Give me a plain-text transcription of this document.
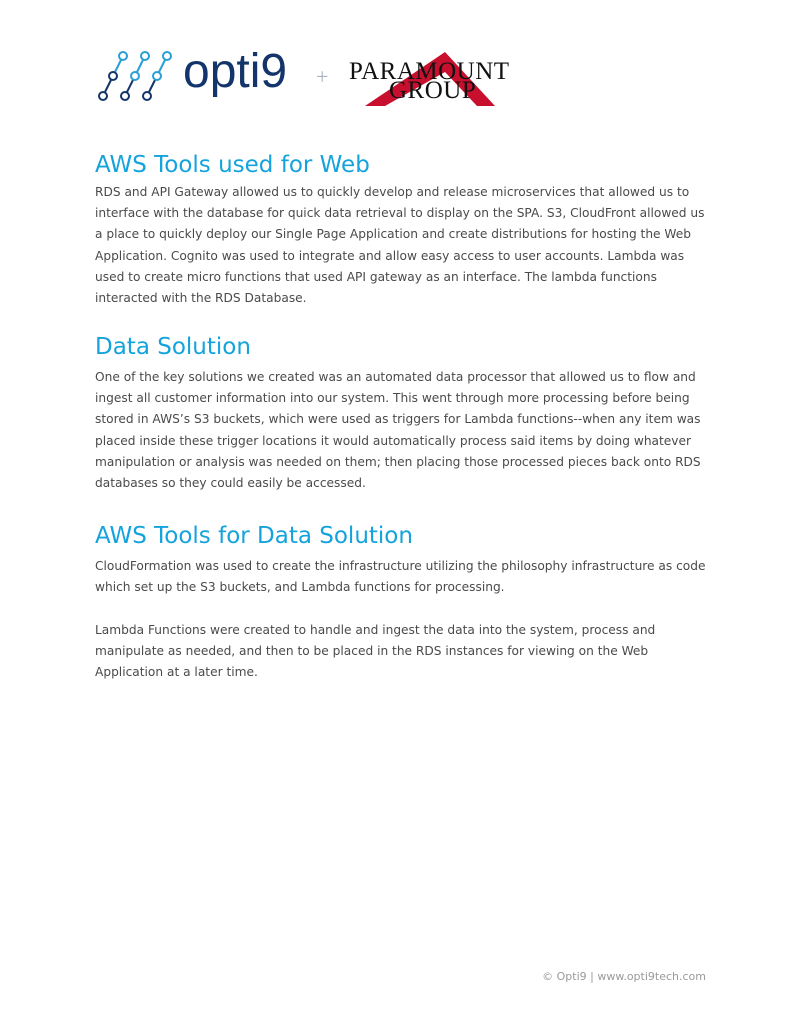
opti9 + PARAMOUNT
GROUP
AWS Tools used for Web

RDS and API Gateway allowed us to quickly develop and release microservices that allowed us to interface with the database for quick data retrieval to display on the SPA. S3, CloudFront allowed us a place to quickly deploy our Single Page Application and create distributions for hosting the Web Application. Cognito was used to integrate and allow easy access to user accounts. Lambda was used to create micro functions that used API gateway as an interface. The lambda functions interacted with the RDS Database.

Data Solution

One of the key solutions we created was an automated data processor that allowed us to flow and ingest all customer information into our system. This went through more processing before being stored in AWS’s S3 buckets, which were used as triggers for Lambda functions--when any item was placed inside these trigger locations it would automatically process said items by doing whatever manipulation or analysis was needed on them; then placing those processed pieces back onto RDS databases so they could easily be accessed.

AWS Tools for Data Solution

CloudFormation was used to create the infrastructure utilizing the philosophy infrastructure as code which set up the S3 buckets, and Lambda functions for processing.

Lambda Functions were created to handle and ingest the data into the system, process and manipulate as needed, and then to be placed in the RDS instances for viewing on the Web Application at a later time.

© Opti9 | www.opti9tech.com
